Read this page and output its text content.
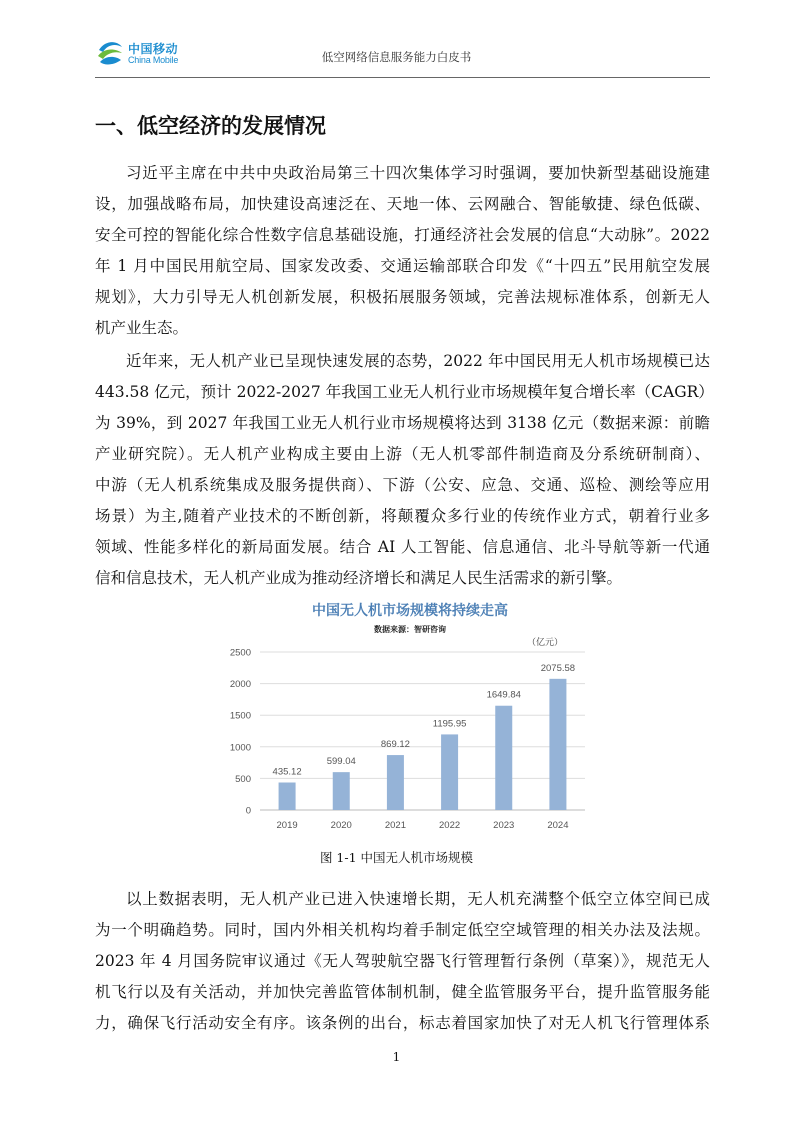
中国移动
China Mobile	低空网络信息服务能力白皮书
一、低空经济的发展情况
习近平主席在中共中央政治局第三十四次集体学习时强调，要加快新型基础设施建
设，加强战略布局，加快建设高速泛在、天地一体、云网融合、智能敏捷、绿色低碳、
安全可控的智能化综合性数字信息基础设施，打通经济社会发展的信息“大动脉”。2022
年 1 月中国民用航空局、国家发改委、交通运输部联合印发《“十四五”民用航空发展
规划》，大力引导无人机创新发展，积极拓展服务领域，完善法规标准体系，创新无人
机产业生态。
近年来，无人机产业已呈现快速发展的态势，2022 年中国民用无人机市场规模已达
443.58 亿元，预计 2022-2027 年我国工业无人机行业市场规模年复合增长率（CAGR）
为 39%，到 2027 年我国工业无人机行业市场规模将达到 3138 亿元（数据来源：前瞻
产业研究院）。无人机产业构成主要由上游（无人机零部件制造商及分系统研制商）、
中游（无人机系统集成及服务提供商）、下游（公安、应急、交通、巡检、测绘等应用
场景）为主,随着产业技术的不断创新，将颠覆众多行业的传统作业方式，朝着行业多
领域、性能多样化的新局面发展。结合 AI 人工智能、信息通信、北斗导航等新一代通
信和信息技术，无人机产业成为推动经济增长和满足人民生活需求的新引擎。
以上数据表明，无人机产业已进入快速增长期，无人机充满整个低空立体空间已成
为一个明确趋势。同时，国内外相关机构均着手制定低空空域管理的相关办法及法规。
2023 年 4 月国务院审议通过《无人驾驶航空器飞行管理暂行条例（草案）》，规范无人
机飞行以及有关活动，并加快完善监管体制机制，健全监管服务平台，提升监管服务能
力，确保飞行活动安全有序。该条例的出台，标志着国家加快了对无人机飞行管理体系
中国无人机市场规模将持续走高
数据来源：智研咨询
（亿元）
0
500
1000
1500
2000
2500
435.12
2019
599.04
2020
869.12
2021
1195.95
2022
1649.84
2023
2075.58
2024
图 1-1 中国无人机市场规模
1
